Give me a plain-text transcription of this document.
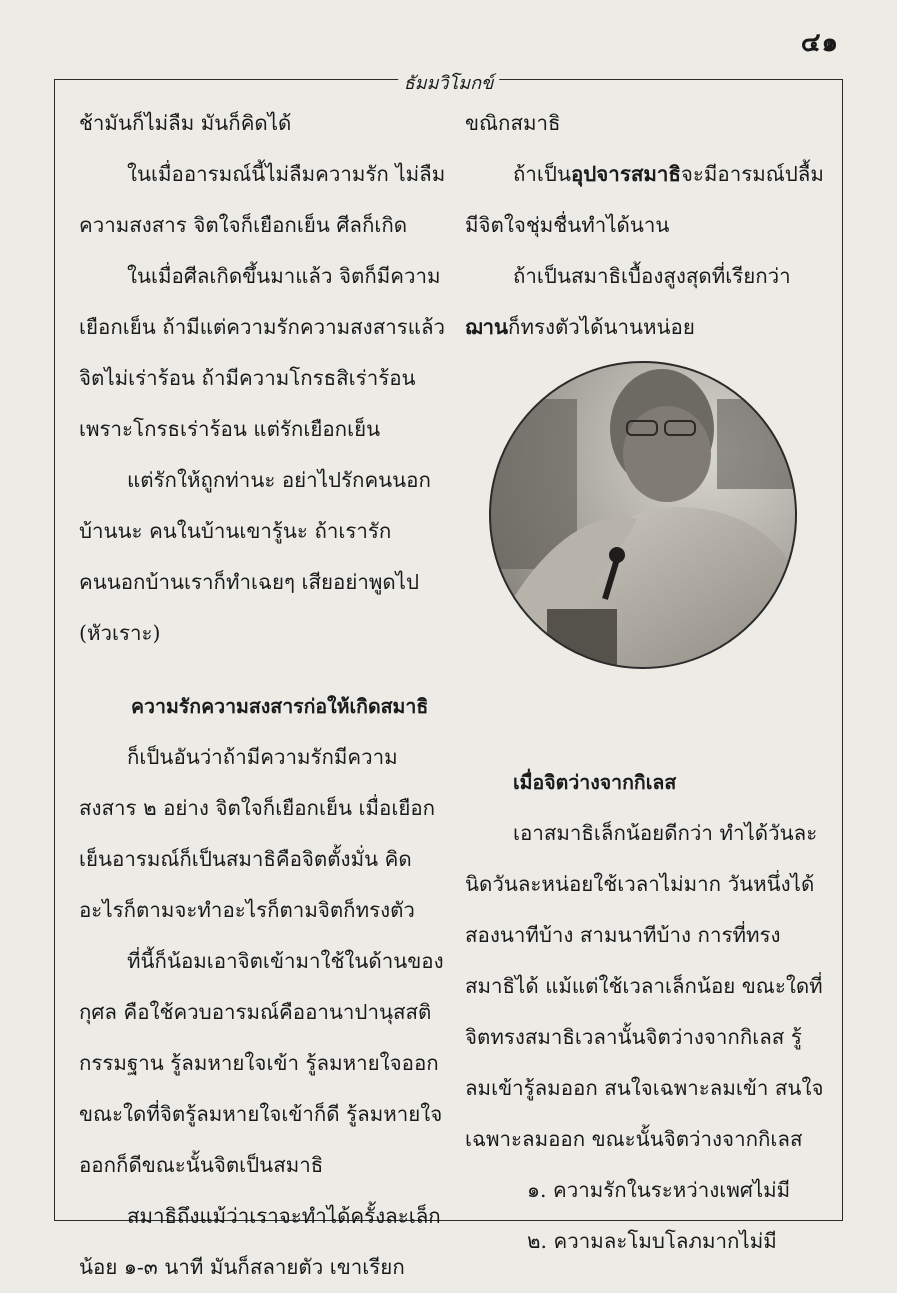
๔๑
ธัมมวิโมกข์

ช้ามันก็ไม่ลืม มันก็คิดได้

ในเมื่ออารมณ์นี้ไม่ลืมความรัก ไม่ลืมความสงสาร จิตใจก็เยือกเย็น ศีลก็เกิด

ในเมื่อศีลเกิดขึ้นมาแล้ว จิตก็มีความเยือกเย็น ถ้ามีแต่ความรักความสงสารแล้วจิตไม่เร่าร้อน ถ้ามีความโกรธสิเร่าร้อนเพราะโกรธเร่าร้อน แต่รักเยือกเย็น

แต่รักให้ถูกท่านะ อย่าไปรักคนนอกบ้านนะ คนในบ้านเขารู้นะ ถ้าเรารักคนนอกบ้านเราก็ทำเฉยๆ เสียอย่าพูดไป (หัวเราะ)

ความรักความสงสารก่อให้เกิดสมาธิ

ก็เป็นอันว่าถ้ามีความรักมีความสงสาร ๒ อย่าง จิตใจก็เยือกเย็น เมื่อเยือกเย็นอารมณ์ก็เป็นสมาธิคือจิตตั้งมั่น คิดอะไรก็ตามจะทำอะไรก็ตามจิตก็ทรงตัว

ที่นี้ก็น้อมเอาจิตเข้ามาใช้ในด้านของกุศล คือใช้ควบอารมณ์คืออานาปานุสสติกรรมฐาน รู้ลมหายใจเข้า รู้ลมหายใจออก ขณะใดที่จิตรู้ลมหายใจเข้าก็ดี รู้ลมหายใจออกก็ดีขณะนั้นจิตเป็นสมาธิ

สมาธิถึงแม้ว่าเราจะทำได้ครั้งละเล็กน้อย ๑-๓ นาที มันก็สลายตัว เขาเรียก

ขณิกสมาธิ

ถ้าเป็นอุปจารสมาธิจะมีอารมณ์ปลื้มมีจิตใจชุ่มชื่นทำได้นาน

ถ้าเป็นสมาธิเบื้องสูงสุดที่เรียกว่าฌานก็ทรงตัวได้นานหน่อย

เมื่อจิตว่างจากกิเลส

เอาสมาธิเล็กน้อยดีกว่า ทำได้วันละนิดวันละหน่อยใช้เวลาไม่มาก วันหนึ่งได้สองนาทีบ้าง สามนาทีบ้าง การที่ทรงสมาธิได้ แม้แต่ใช้เวลาเล็กน้อย ขณะใดที่จิตทรงสมาธิเวลานั้นจิตว่างจากกิเลส รู้ลมเข้ารู้ลมออก สนใจเฉพาะลมเข้า สนใจเฉพาะลมออก ขณะนั้นจิตว่างจากกิเลส

๑. ความรักในระหว่างเพศไม่มี

๒. ความละโมบโลภมากไม่มี
